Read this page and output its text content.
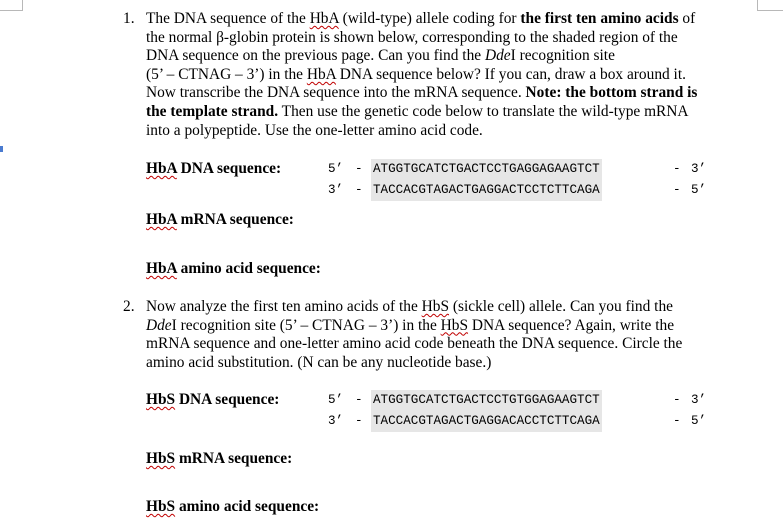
1. The DNA sequence of the HbA (wild-type) allele coding for the first ten amino acids of
the normal β-globin protein is shown below, corresponding to the shaded region of the
DNA sequence on the previous page. Can you find the DdeI recognition site
(5’ – CTNAG – 3’) in the HbA DNA sequence below? If you can, draw a box around it.
Now transcribe the DNA sequence into the mRNA sequence. Note: the bottom strand is
the template strand. Then use the genetic code below to translate the wild-type mRNA
into a polypeptide. Use the one-letter amino acid code.
HbA DNA sequence:	5’ - ATGGTGCATCTGACTCCTGAGGAGAAGTCT	- 3’
3’ - TACCACGTAGACTGAGGACTCCTCTTCAGA	- 5’
HbA mRNA sequence:
HbA amino acid sequence:
2. Now analyze the first ten amino acids of the HbS (sickle cell) allele. Can you find the
DdeI recognition site (5’ – CTNAG – 3’) in the HbS DNA sequence? Again, write the
mRNA sequence and one-letter amino acid code beneath the DNA sequence. Circle the
amino acid substitution. (N can be any nucleotide base.)
HbS DNA sequence:	5’ - ATGGTGCATCTGACTCCTGTGGAGAAGTCT	- 3’
3’ - TACCACGTAGACTGAGGACACCTCTTCAGA	- 5’
HbS mRNA sequence:
HbS amino acid sequence:
